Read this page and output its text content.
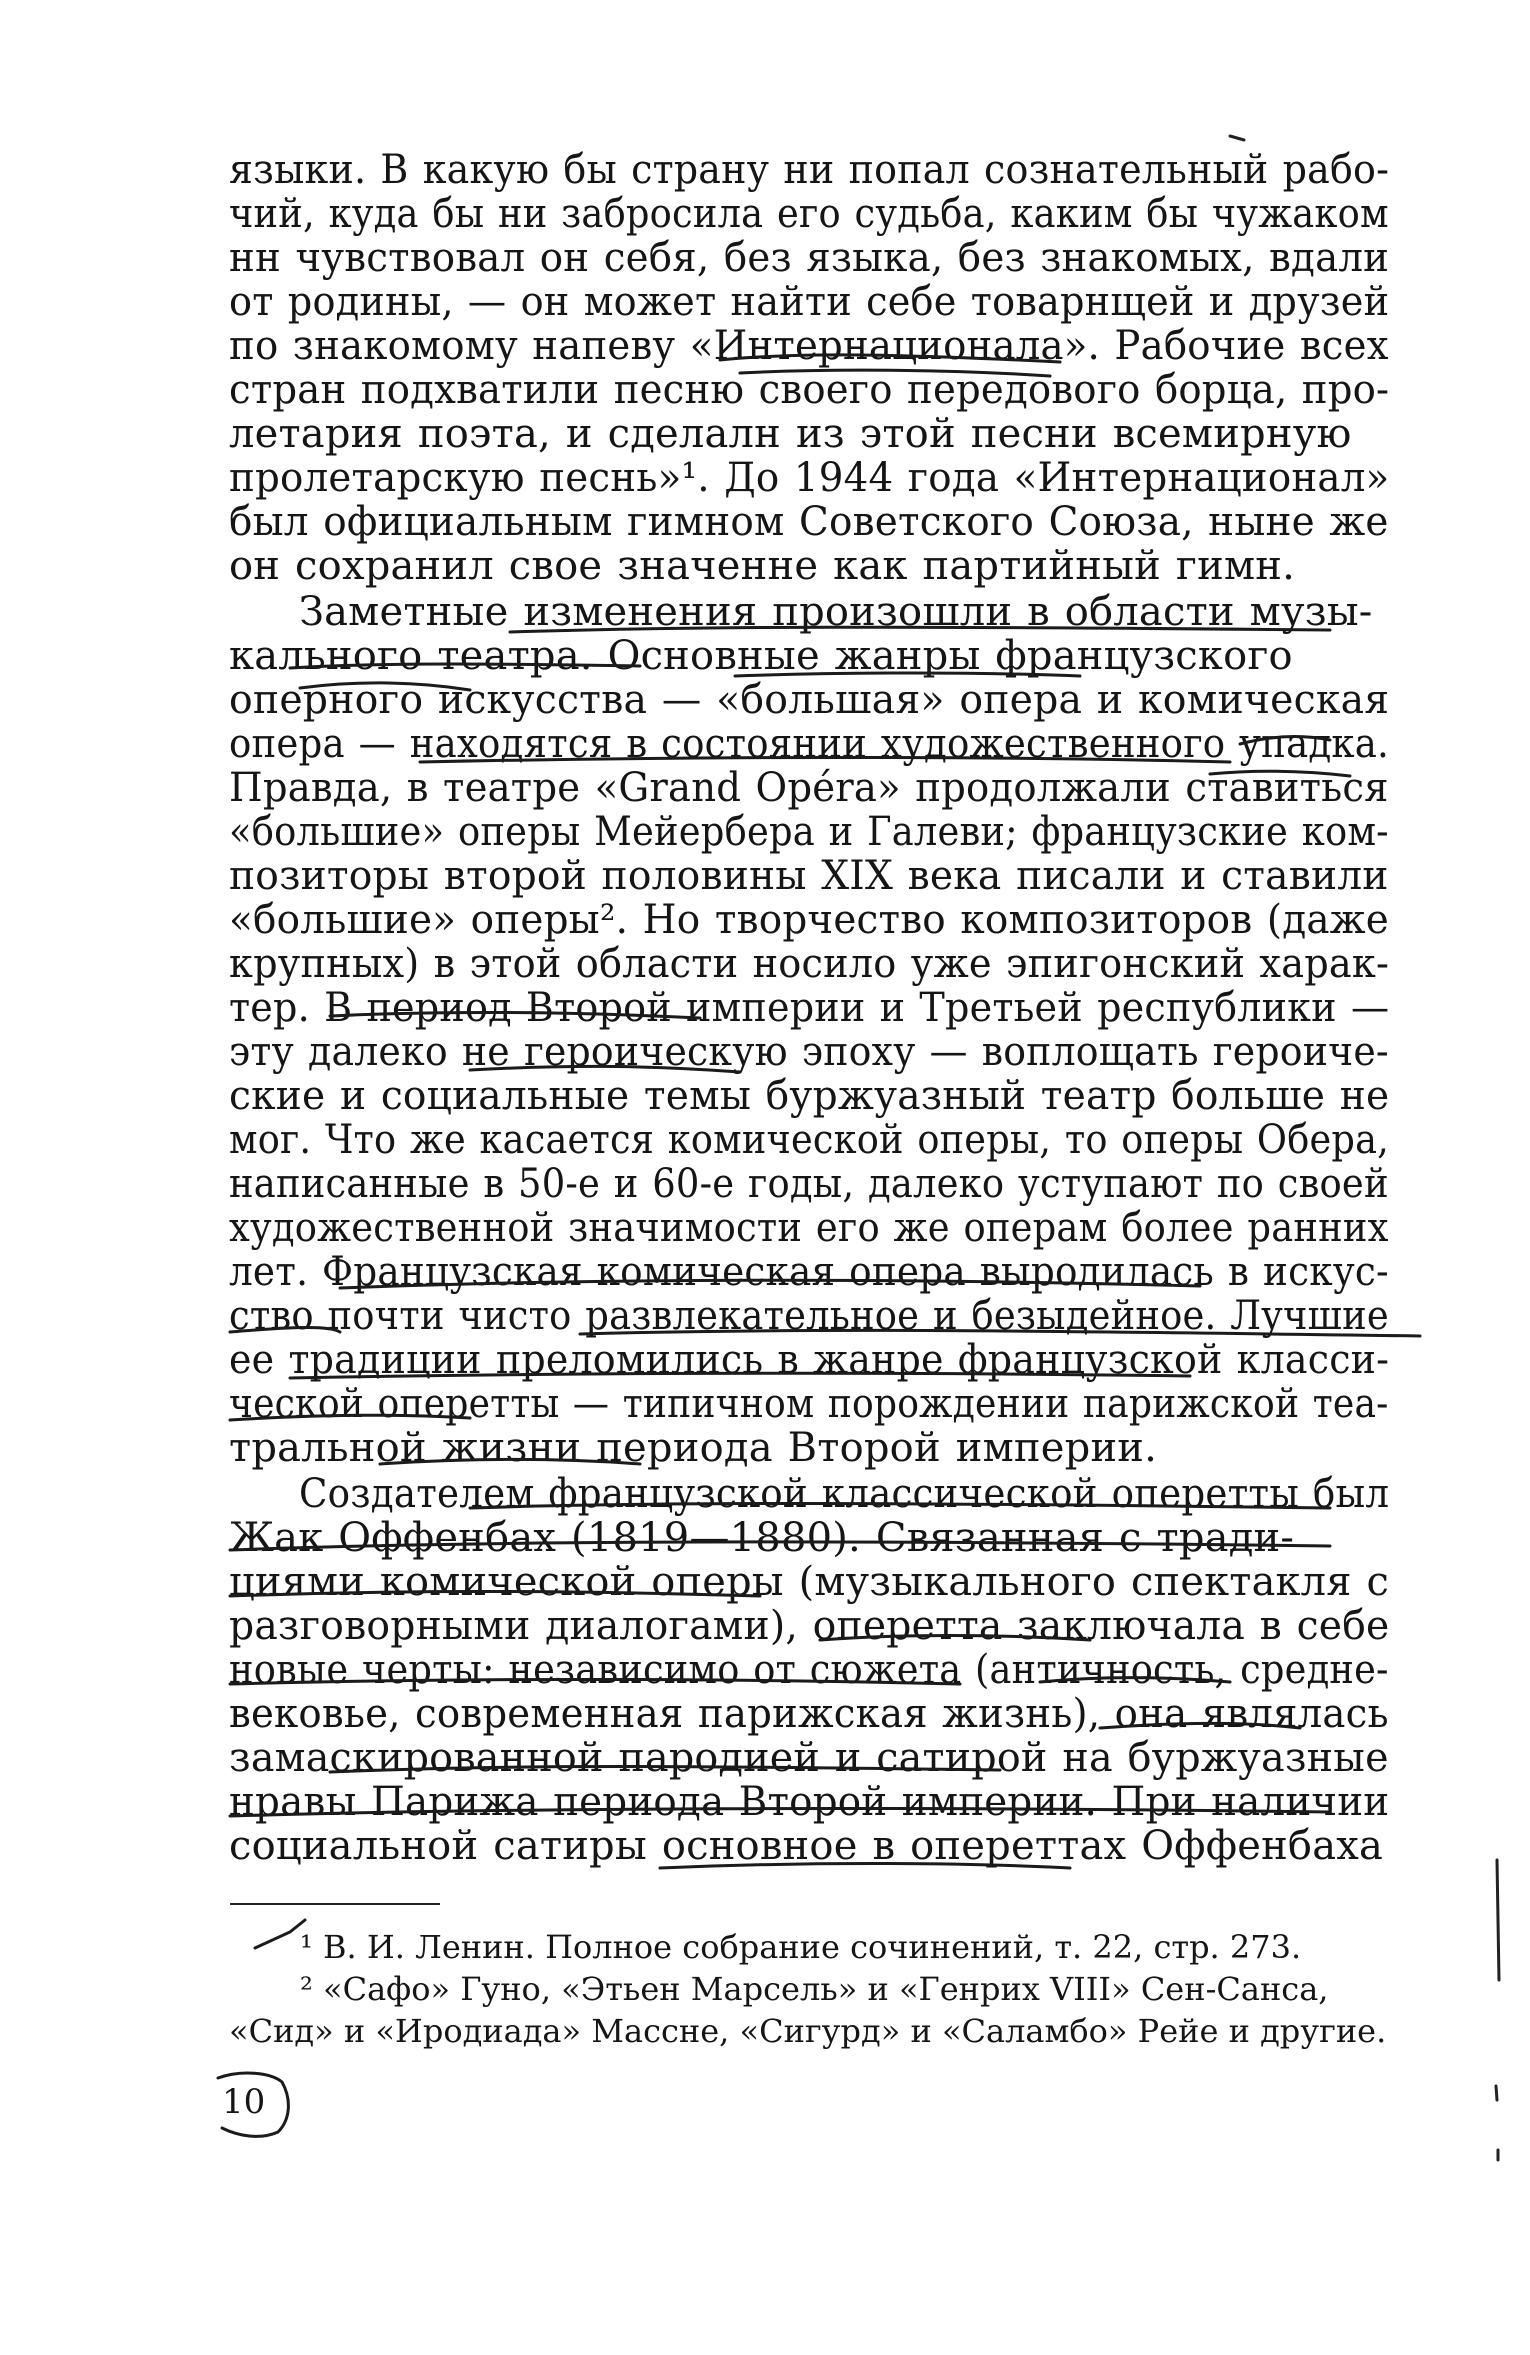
языки. В какую бы страну ни попал сознательный рабо-
чий, куда бы ни забросила его судьба, каким бы чужаком
нн чувствовал он себя, без языка, без знакомых, вдали
от родины, — он может найти себе товарнщей и друзей
по знакомому напеву «Интернационала». Рабочие всех
стран подхватили песню своего передового борца, про-
летария поэта, и сделалн из этой песни всемирную
пролетарскую песнь»¹. До 1944 года «Интернационал»
был официальным гимном Советского Союза, ныне же
он сохранил свое значенне как партийный гимн.
Заметные изменения произошли в области музы-
кального театра. Основные жанры французского
оперного искусства — «большая» опера и комическая
опера — находятся в состоянии художественного упадка.
Правда, в театре «Grand Opéra» продолжали ставиться
«большие» оперы Мейербера и Галеви; французские ком-
позиторы второй половины XIX века писали и ставили
«большие» оперы². Но творчество композиторов (даже
крупных) в этой области носило уже эпигонский харак-
тер. В период Второй империи и Третьей республики —
эту далеко не героическую эпоху — воплощать героиче-
ские и социальные темы буржуазный театр больше не
мог. Что же касается комической оперы, то оперы Обера,
написанные в 50-е и 60-е годы, далеко уступают по своей
художественной значимости его же операм более ранних
лет. Французская комическая опера выродилась в искус-
ство почти чисто развлекательное и безыдейное. Лучшие
ее традиции преломились в жанре французской класси-
ческой оперетты — типичном порождении парижской теа-
тральной жизни периода Второй империи.
Создателем французской классической оперетты был
Жак Оффенбах (1819—1880). Связанная с тради-
циями комической оперы (музыкального спектакля с
разговорными диалогами), оперетта заключала в себе
новые черты: независимо от сюжета (античность, средне-
вековье, современная парижская жизнь), она являлась
замаскированной пародией и сатирой на буржуазные
нравы Парижа периода Второй империи. При наличии
социальной сатиры основное в опереттах Оффенбаха
¹ В. И. Ленин. Полное собрание сочинений, т. 22, стр. 273.
² «Сафо» Гуно, «Этьен Марсель» и «Генрих VIII» Сен-Санса,
«Сид» и «Иродиада» Массне, «Сигурд» и «Саламбо» Рейе и другие.
10
